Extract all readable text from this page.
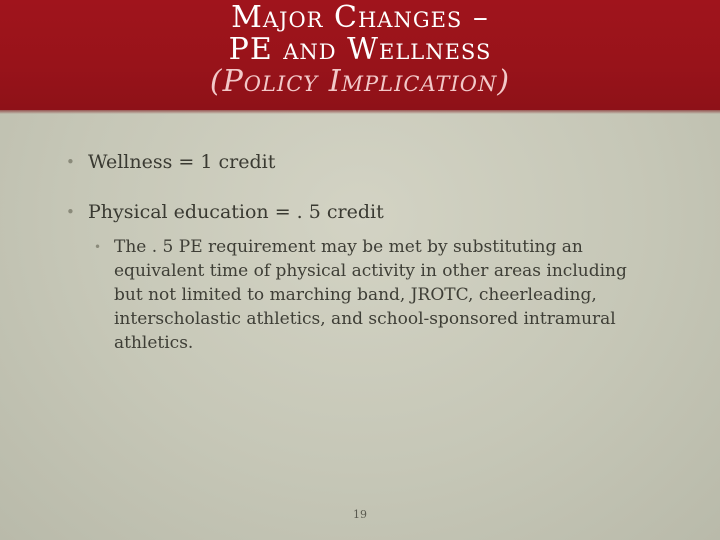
Major Changes –
PE and Wellness
(Policy Implication)
• Wellness = 1 credit
• Physical education = . 5 credit
• The . 5 PE requirement may be met by substituting an equivalent time of physical activity in other areas including but not limited to marching band, JROTC, cheerleading, interscholastic athletics, and school-sponsored intramural athletics.
19
